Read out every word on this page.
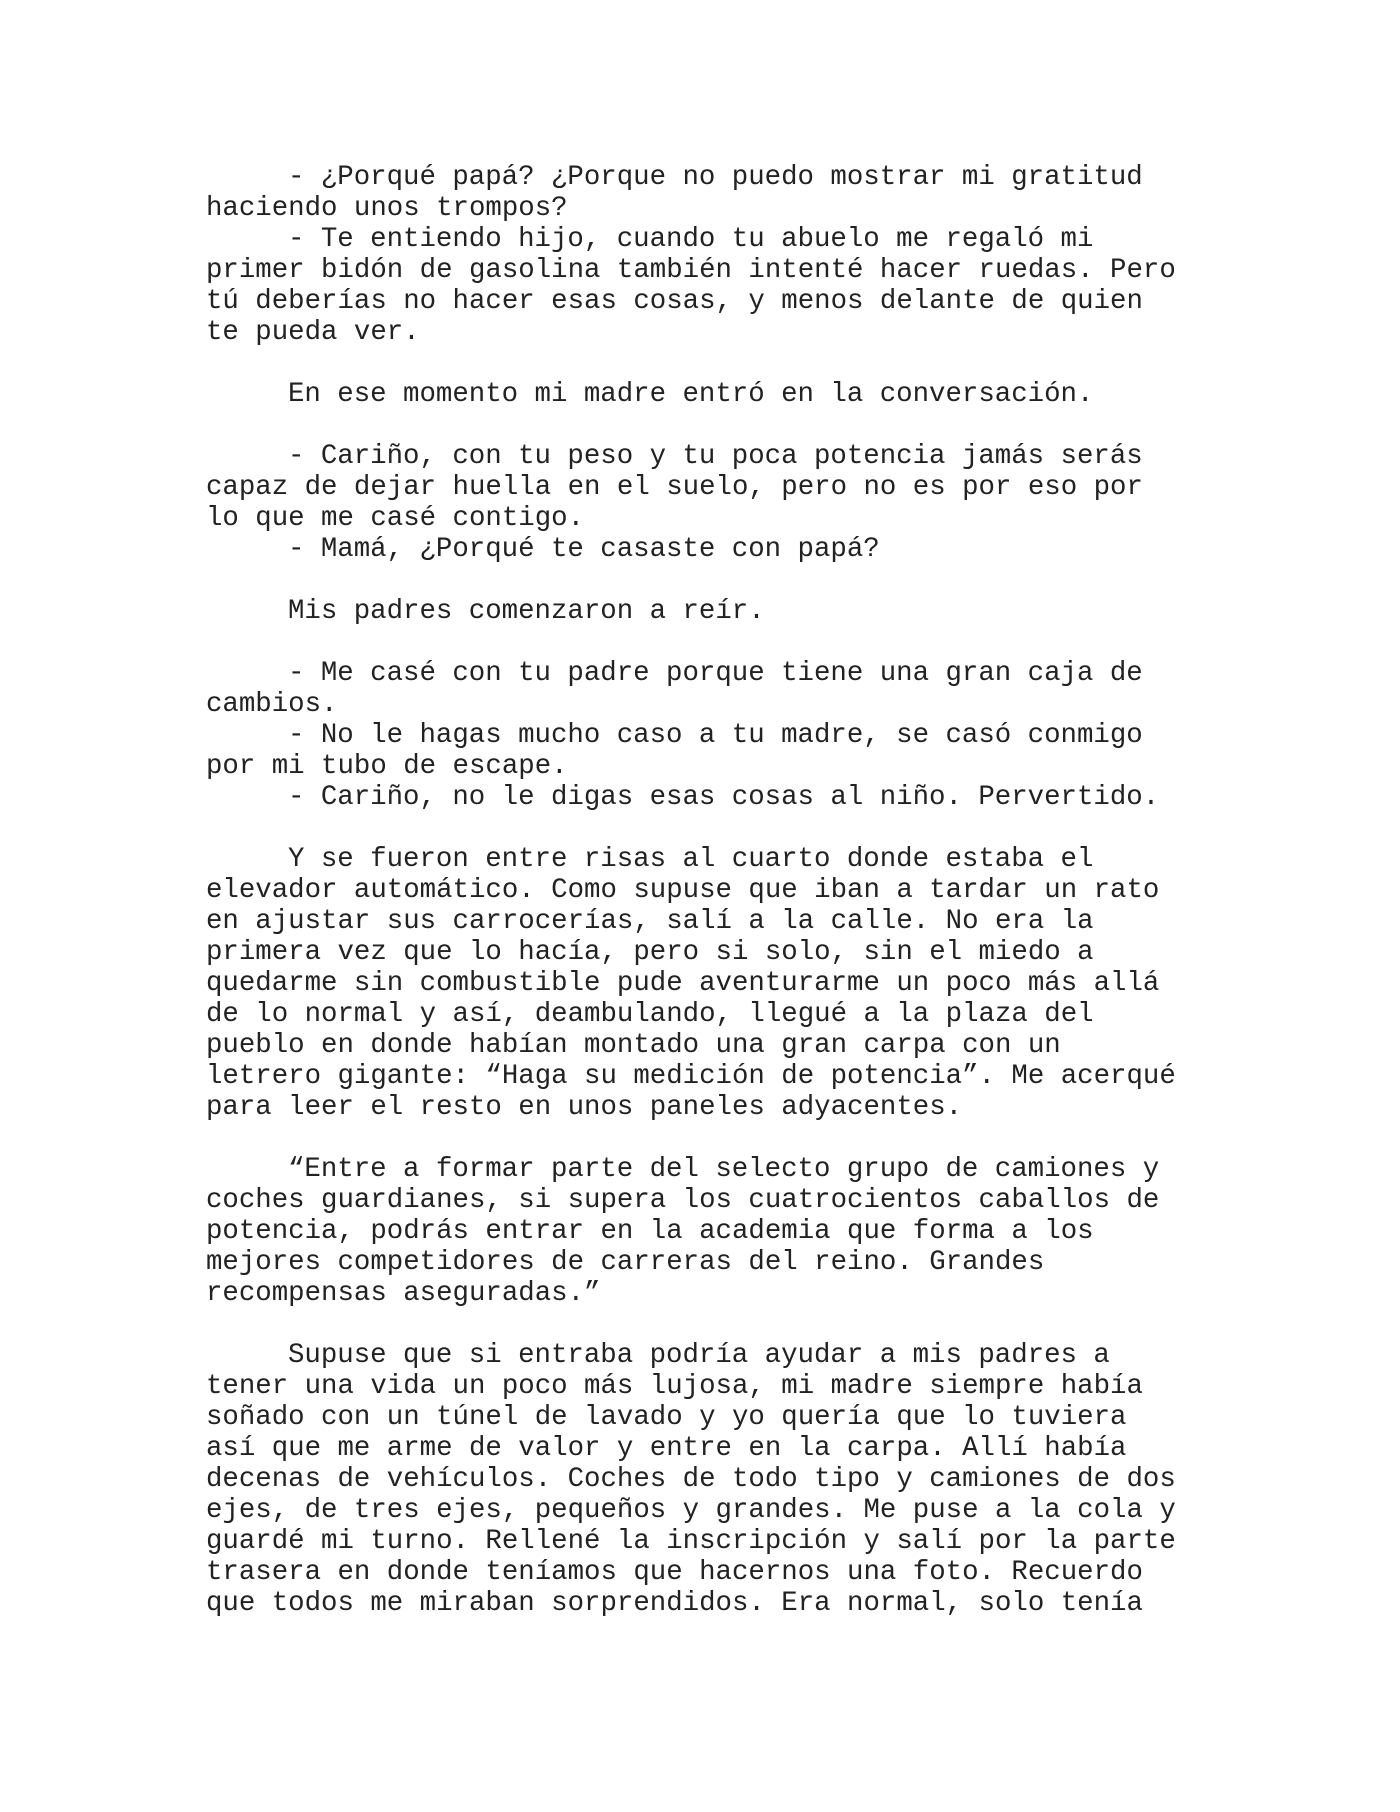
- ¿Porqué papá? ¿Porque no puedo mostrar mi gratitud
haciendo unos trompos?
- Te entiendo hijo, cuando tu abuelo me regaló mi
primer bidón de gasolina también intenté hacer ruedas. Pero
tú deberías no hacer esas cosas, y menos delante de quien
te pueda ver.
En ese momento mi madre entró en la conversación.
- Cariño, con tu peso y tu poca potencia jamás serás
capaz de dejar huella en el suelo, pero no es por eso por
lo que me casé contigo.
- Mamá, ¿Porqué te casaste con papá?
Mis padres comenzaron a reír.
- Me casé con tu padre porque tiene una gran caja de
cambios.
- No le hagas mucho caso a tu madre, se casó conmigo
por mi tubo de escape.
- Cariño, no le digas esas cosas al niño. Pervertido.
Y se fueron entre risas al cuarto donde estaba el
elevador automático. Como supuse que iban a tardar un rato
en ajustar sus carrocerías, salí a la calle. No era la
primera vez que lo hacía, pero si solo, sin el miedo a
quedarme sin combustible pude aventurarme un poco más allá
de lo normal y así, deambulando, llegué a la plaza del
pueblo en donde habían montado una gran carpa con un
letrero gigante: “Haga su medición de potencia”. Me acerqué
para leer el resto en unos paneles adyacentes.
“Entre a formar parte del selecto grupo de camiones y
coches guardianes, si supera los cuatrocientos caballos de
potencia, podrás entrar en la academia que forma a los
mejores competidores de carreras del reino. Grandes
recompensas aseguradas.”
Supuse que si entraba podría ayudar a mis padres a
tener una vida un poco más lujosa, mi madre siempre había
soñado con un túnel de lavado y yo quería que lo tuviera
así que me arme de valor y entre en la carpa. Allí había
decenas de vehículos. Coches de todo tipo y camiones de dos
ejes, de tres ejes, pequeños y grandes. Me puse a la cola y
guardé mi turno. Rellené la inscripción y salí por la parte
trasera en donde teníamos que hacernos una foto. Recuerdo
que todos me miraban sorprendidos. Era normal, solo tenía
